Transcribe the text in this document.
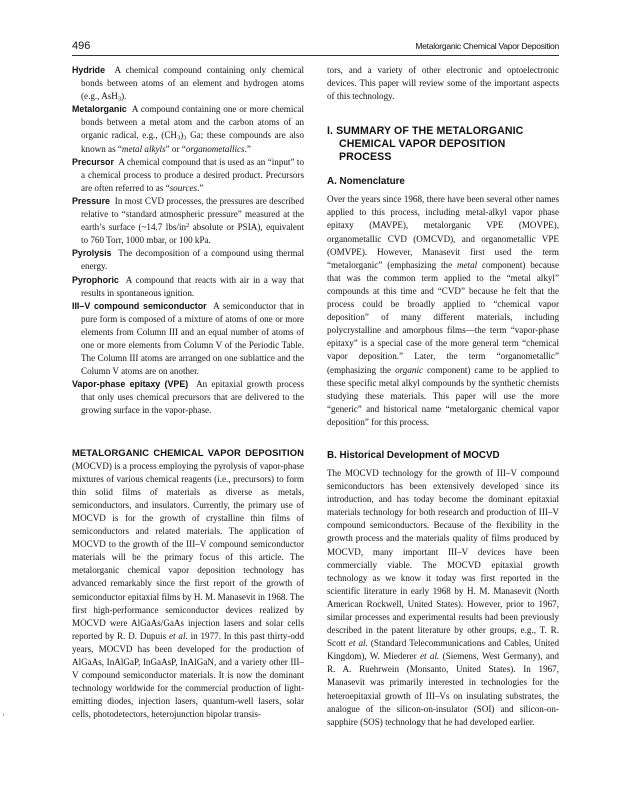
496	Metalorganic Chemical Vapor Deposition

Hydride A chemical compound containing only chemical bonds between atoms of an element and hydrogen atoms (e.g., AsH$_3$).

Metalorganic A compound containing one or more chemical bonds between a metal atom and the carbon atoms of an organic radical, e.g., $(CH_3)_3$ Ga; these compounds are also known as “metal alkyls” or “organometallics.”

Precursor A chemical compound that is used as an “input” to a chemical process to produce a desired product. Precursors are often referred to as “sources.”

Pressure In most CVD processes, the pressures are described relative to “standard atmospheric pressure” measured at the earth’s surface (~14.7 lbs/$in^2$ absolute or PSIA), equivalent to 760 Torr, 1000 mbar, or 100 kPa.

Pyrolysis The decomposition of a compound using thermal energy.

Pyrophoric A compound that reacts with air in a way that results in spontaneous ignition.

III–V compound semiconductor A semiconductor that in pure form is composed of a mixture of atoms of one or more elements from Column III and an equal number of atoms of one or more elements from Column V of the Periodic Table. The Column III atoms are arranged on one sublattice and the Column V atoms are on another.

Vapor-phase epitaxy (VPE) An epitaxial growth process that only uses chemical precursors that are delivered to the growing surface in the vapor-phase.

METALORGANIC CHEMICAL VAPOR DEPOSITION (MOCVD) is a process employing the pyrolysis of vapor-phase mixtures of various chemical reagents (i.e., precursors) to form thin solid films of materials as diverse as metals, semiconductors, and insulators. Currently, the primary use of MOCVD is for the growth of crystalline thin films of semiconductors and related materials. The application of MOCVD to the growth of the III–V compound semiconductor materials will be the primary focus of this article. The metalorganic chemical vapor deposition technology has advanced remarkably since the first report of the growth of semiconductor epitaxial films by H. M. Manasevit in 1968. The first high-performance semiconductor devices realized by MOCVD were AlGaAs/GaAs injection lasers and solar cells reported by R. D. Dupuis et al. in 1977. In this past thirty-odd years, MOCVD has been developed for the production of AlGaAs, InAlGaP, InGaAsP, InAlGaN, and a variety other III–V compound semiconductor materials. It is now the dominant technology worldwide for the commercial production of light-emitting diodes, injection lasers, quantum-well lasers, solar cells, photodetectors, heterojunction bipolar transis-

tors, and a variety of other electronic and optoelectronic devices. This paper will review some of the important aspects of this technology.

I. SUMMARY OF THE METALORGANIC CHEMICAL VAPOR DEPOSITION PROCESS

A. Nomenclature

Over the years since 1968, there have been several other names applied to this process, including metal-alkyl vapor phase epitaxy (MAVPE), metalorganic VPE (MOVPE), organometallic CVD (OMCVD), and organometallic VPE (OMVPE). However, Manasevit first used the term “metalorganic” (emphasizing the metal component) because that was the common term applied to the “metal alkyl” compounds at this time and “CVD” because he felt that the process could be broadly applied to “chemical vapor deposition” of many different materials, including polycrystalline and amorphous films—the term “vapor-phase epitaxy” is a special case of the more general term “chemical vapor deposition.” Later, the term “organometallic” (emphasizing the organic component) came to be applied to these specific metal alkyl compounds by the synthetic chemists studying these materials. This paper will use the more “generic” and historical name “metalorganic chemical vapor deposition” for this process.

B. Historical Development of MOCVD

The MOCVD technology for the growth of III–V compound semiconductors has been extensively developed since its introduction, and has today become the dominant epitaxial materials technology for both research and production of III–V compound semiconductors. Because of the flexibility in the growth process and the materials quality of films produced by MOCVD, many important III–V devices have been commercially viable. The MOCVD epitaxial growth technology as we know it today was first reported in the scientific literature in early 1968 by H. M. Manasevit (North American Rockwell, United States). However, prior to 1967, similar processes and experimental results had been previously described in the patent literature by other groups, e.g., T. R. Scott et al. (Standard Telecommunications and Cables, United Kingdom), W. Miederer et al. (Siemens, West Germany), and R. A. Ruehrwein (Monsanto, United States). In 1967, Manasevit was primarily interested in technologies for the heteroepitaxial growth of III–Vs on insulating substrates, the analogue of the silicon-on-insulator (SOI) and silicon-on-sapphire (SOS) technology that he had developed earlier.
